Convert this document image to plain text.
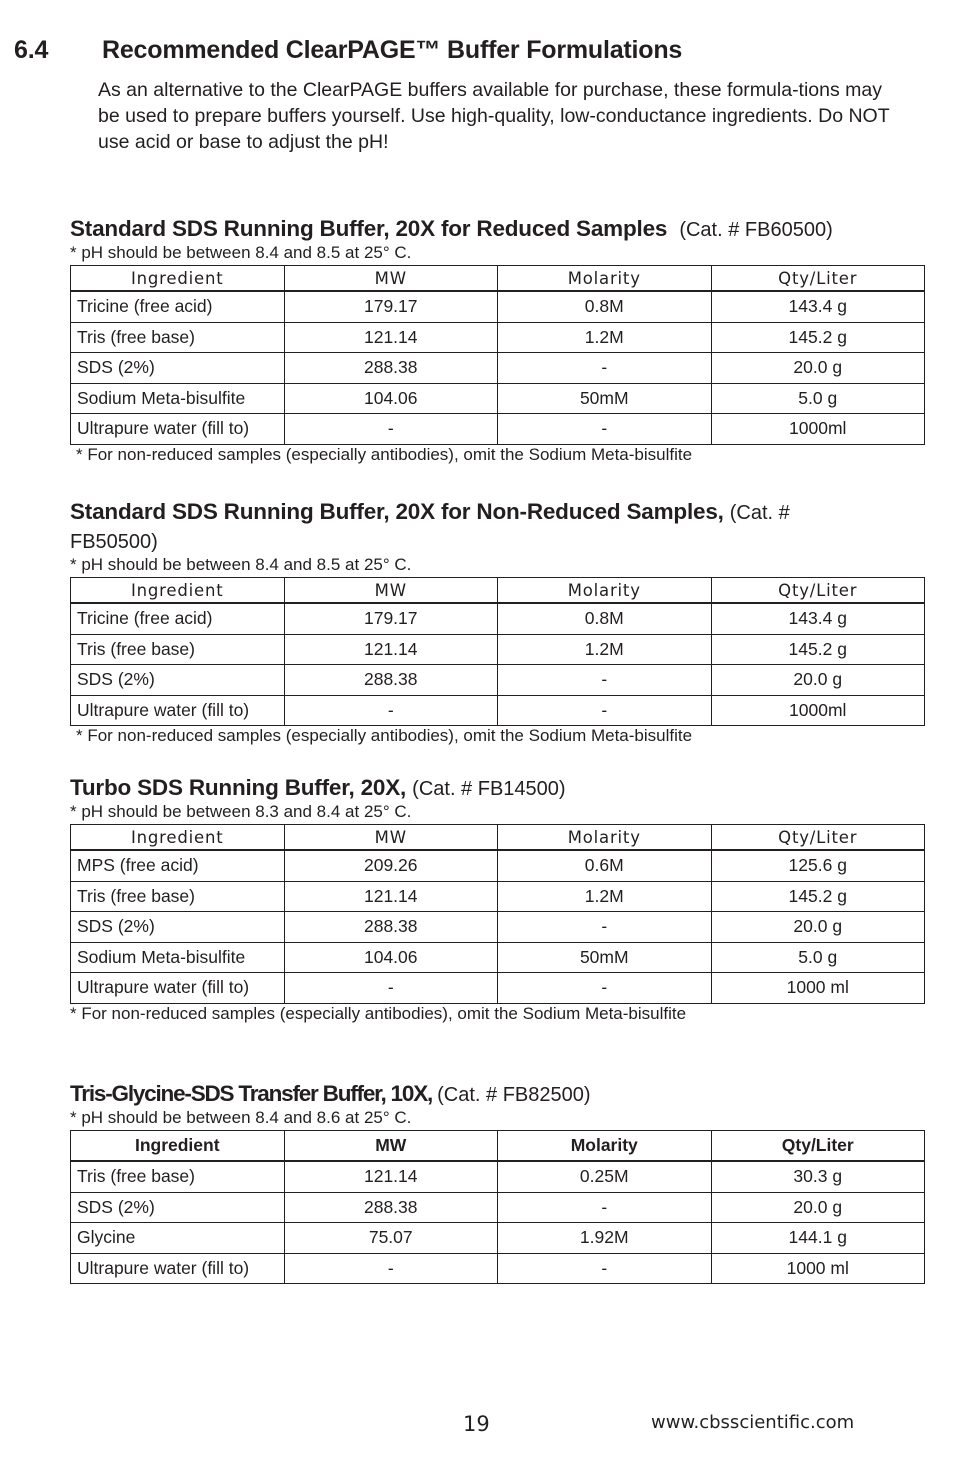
6.4 Recommended ClearPAGE™ Buffer Formulations
As an alternative to the ClearPAGE buffers available for purchase, these formula-tions may be used to prepare buffers yourself. Use high-quality, low-conductance ingredients. Do NOT use acid or base to adjust the pH!
Standard SDS Running Buffer, 20X for Reduced Samples (Cat. # FB60500)
* pH should be between 8.4 and 8.5 at 25° C.
Ingredient	MW	Molarity	Qty/Liter
Tricine (free acid)	179.17	0.8M	143.4 g
Tris (free base)	121.14	1.2M	145.2 g
SDS (2%)	288.38	-	20.0 g
Sodium Meta-bisulfite	104.06	50mM	5.0 g
Ultrapure water (fill to)	-	-	1000ml
* For non-reduced samples (especially antibodies), omit the Sodium Meta-bisulfite
Standard SDS Running Buffer, 20X for Non-Reduced Samples, (Cat. # FB50500)
* pH should be between 8.4 and 8.5 at 25° C.
Ingredient	MW	Molarity	Qty/Liter
Tricine (free acid)	179.17	0.8M	143.4 g
Tris (free base)	121.14	1.2M	145.2 g
SDS (2%)	288.38	-	20.0 g
Ultrapure water (fill to)	-	-	1000ml
* For non-reduced samples (especially antibodies), omit the Sodium Meta-bisulfite
Turbo SDS Running Buffer, 20X, (Cat. # FB14500)
* pH should be between 8.3 and 8.4 at 25° C.
Ingredient	MW	Molarity	Qty/Liter
MPS (free acid)	209.26	0.6M	125.6 g
Tris (free base)	121.14	1.2M	145.2 g
SDS (2%)	288.38	-	20.0 g
Sodium Meta-bisulfite	104.06	50mM	5.0 g
Ultrapure water (fill to)	-	-	1000 ml
* For non-reduced samples (especially antibodies), omit the Sodium Meta-bisulfite
Tris-Glycine-SDS Transfer Buffer, 10X, (Cat. # FB82500)
* pH should be between 8.4 and 8.6 at 25° C.
Ingredient	MW	Molarity	Qty/Liter
Tris (free base)	121.14	0.25M	30.3 g
SDS (2%)	288.38	-	20.0 g
Glycine	75.07	1.92M	144.1 g
Ultrapure water (fill to)	-	-	1000 ml
19	www.cbsscientific.com
